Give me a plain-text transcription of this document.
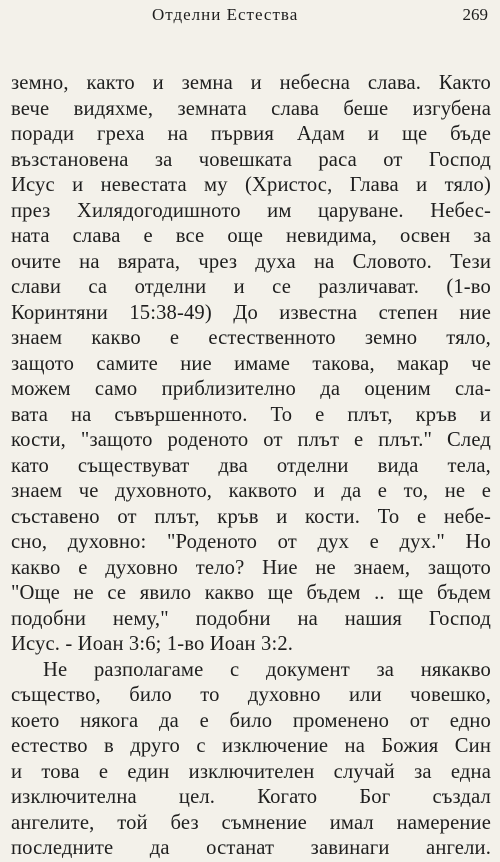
Отделни Естества	269
земно, както и земна и небесна слава. Както
вече видяхме, земната слава беше изгубена
поради греха на първия Адам и ще бъде
възстановена за човешката раса от Господ
Исус и невестата му (Христос, Глава и тяло)
през Хилядогодишното им царуване. Небес-
ната слава е все още невидима, освен за
очите на вярата, чрез духа на Словото. Тези
слави са отделни и се различават. (1-во
Коринтяни 15:38-49) До известна степен ние
знаем какво е естественното земно тяло,
защото самите ние имаме такова, макар че
можем само приблизително да оценим сла-
вата на съвършенното. То е плът, кръв и
кости, "защото роденото от плът е плът." След
като съществуват два отделни вида тела,
знаем че духовното, каквото и да е то, не е
съставено от плът, кръв и кости. То е небе-
сно, духовно: "Роденото от дух е дух." Но
какво е духовно тело? Ние не знаем, защото
"Още не се явило какво ще бъдем .. ще бъдем
подобни нему," подобни на нашия Господ
Исус. - Иоан 3:6; 1-во Иоан 3:2.
Не разполагаме с документ за някакво
същество, било то духовно или човешко,
което някога да е било променено от едно
естество в друго с изключение на Божия Син
и това е един изключителен случай за една
изключителна цел. Когато Бог създал
ангелите, той без съмнение имал намерение
последните да останат завинаги ангели.
